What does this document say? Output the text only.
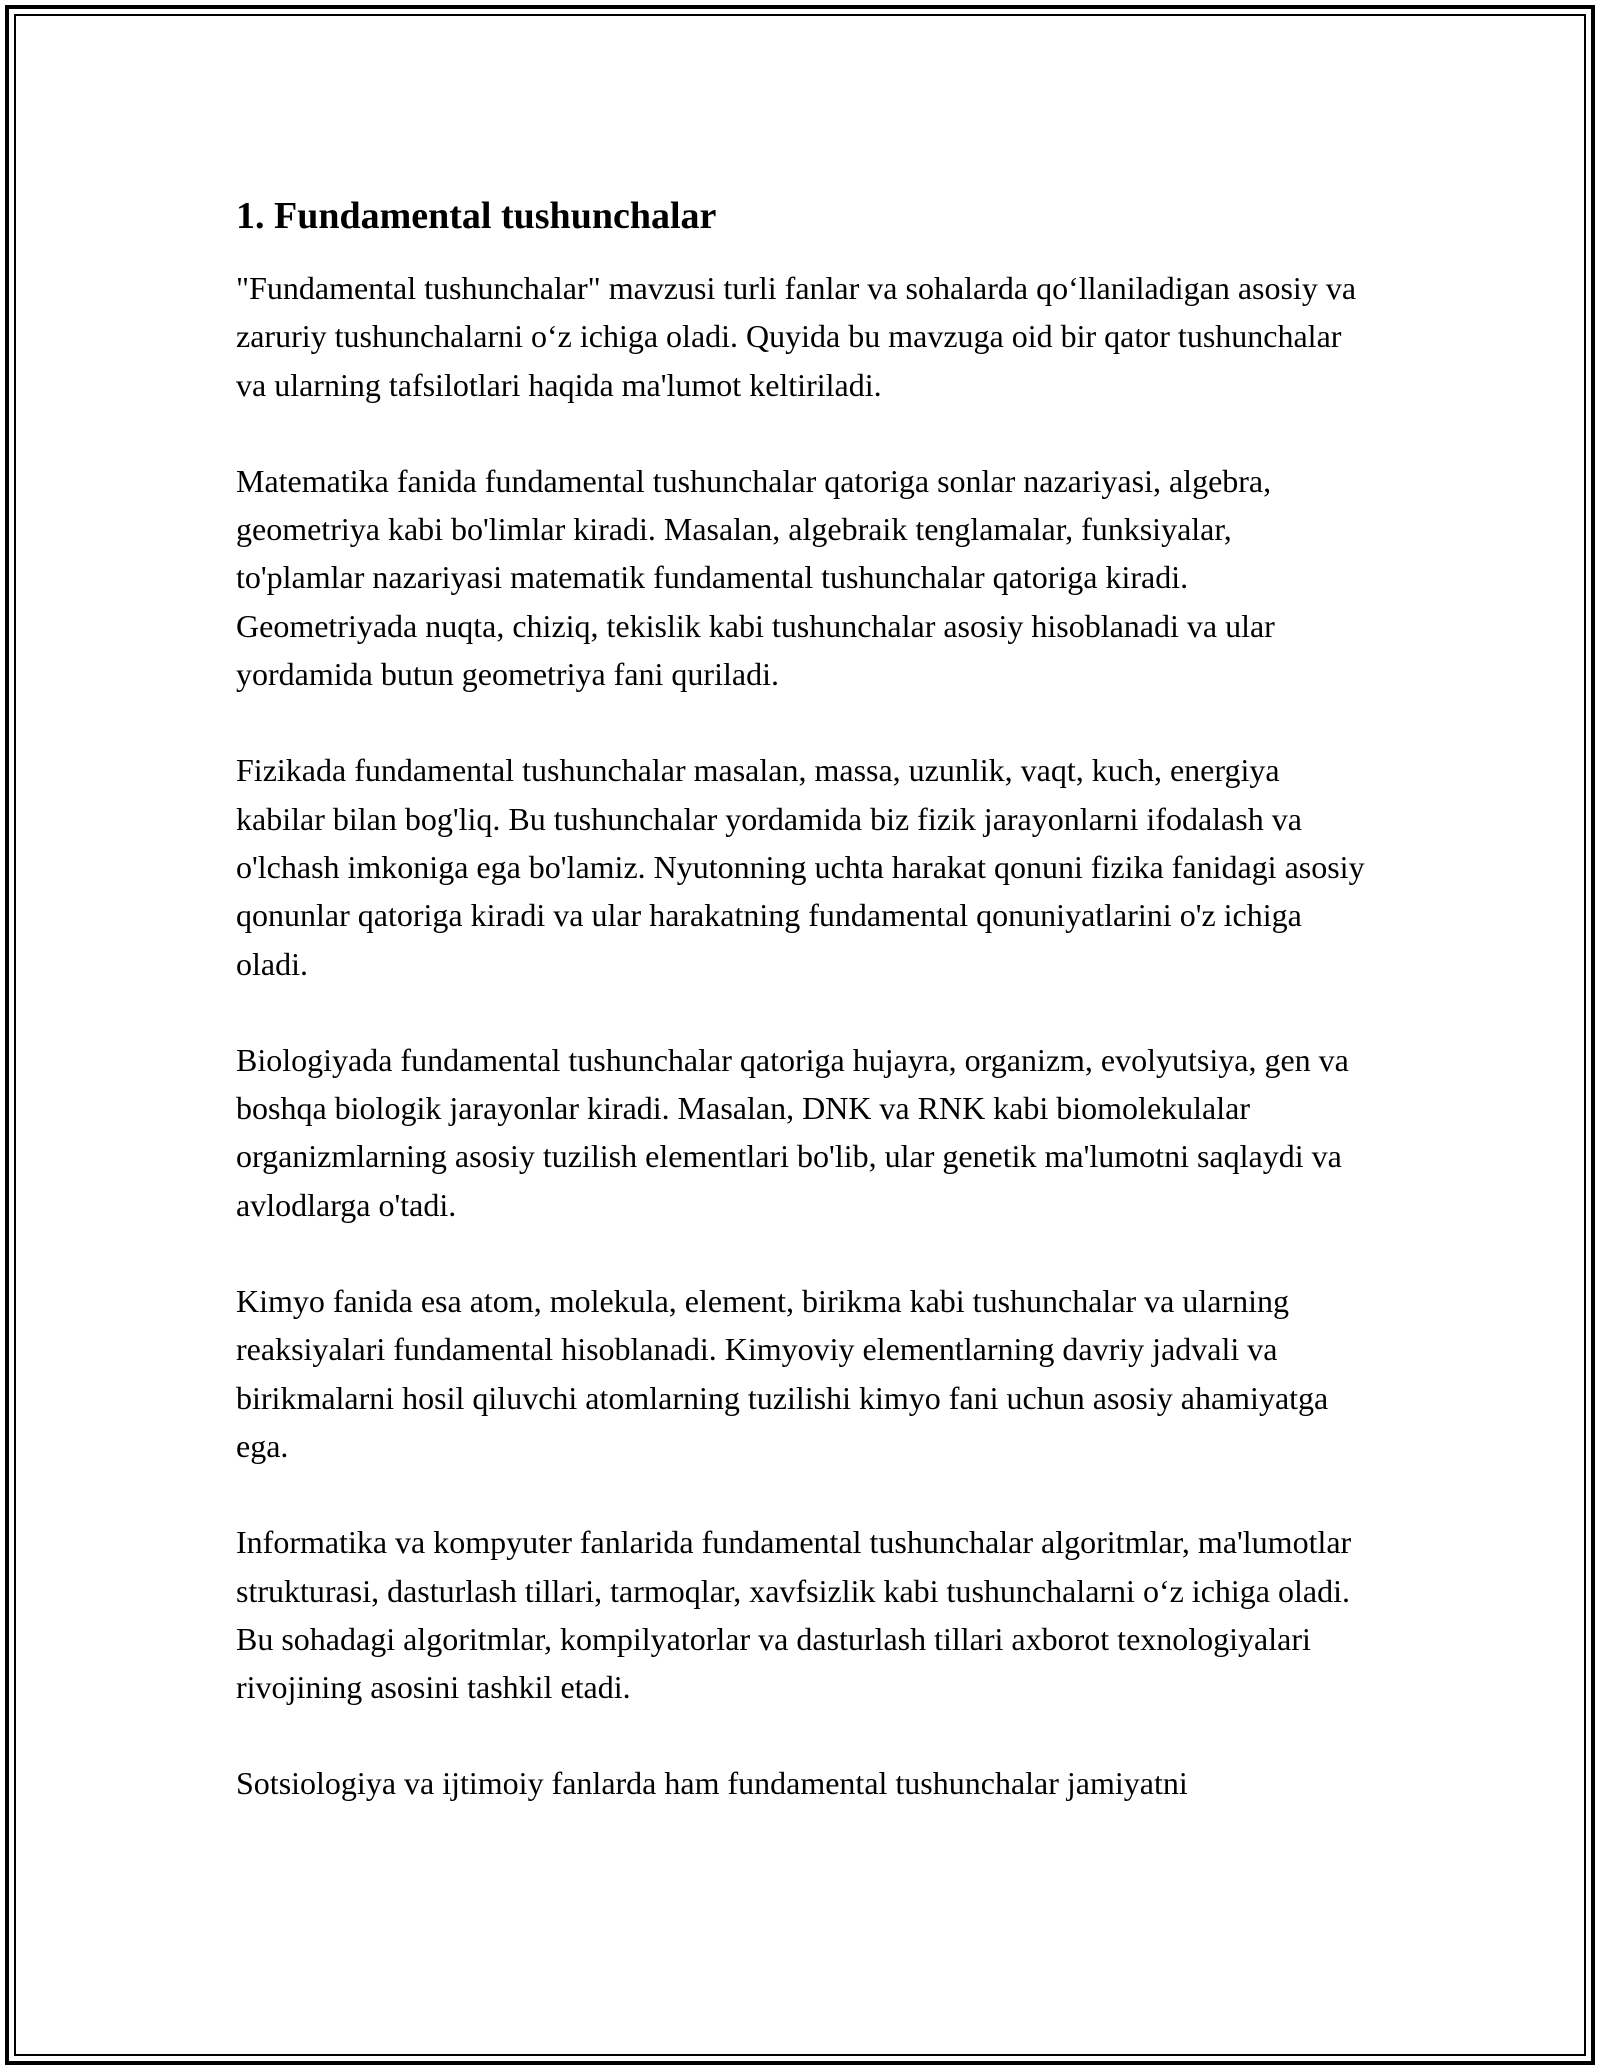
1. Fundamental tushunchalar

"Fundamental tushunchalar" mavzusi turli fanlar va sohalarda qo‘llaniladigan asosiy va zaruriy tushunchalarni o‘z ichiga oladi. Quyida bu mavzuga oid bir qator tushunchalar va ularning tafsilotlari haqida ma'lumot keltiriladi.

Matematika fanida fundamental tushunchalar qatoriga sonlar nazariyasi, algebra, geometriya kabi bo'limlar kiradi. Masalan, algebraik tenglamalar, funksiyalar, to'plamlar nazariyasi matematik fundamental tushunchalar qatoriga kiradi. Geometriyada nuqta, chiziq, tekislik kabi tushunchalar asosiy hisoblanadi va ular yordamida butun geometriya fani quriladi.

Fizikada fundamental tushunchalar masalan, massa, uzunlik, vaqt, kuch, energiya kabilar bilan bog'liq. Bu tushunchalar yordamida biz fizik jarayonlarni ifodalash va o'lchash imkoniga ega bo'lamiz. Nyutonning uchta harakat qonuni fizika fanidagi asosiy qonunlar qatoriga kiradi va ular harakatning fundamental qonuniyatlarini o'z ichiga oladi.

Biologiyada fundamental tushunchalar qatoriga hujayra, organizm, evolyutsiya, gen va boshqa biologik jarayonlar kiradi. Masalan, DNK va RNK kabi biomolekulalar organizmlarning asosiy tuzilish elementlari bo'lib, ular genetik ma'lumotni saqlaydi va avlodlarga o'tadi.

Kimyo fanida esa atom, molekula, element, birikma kabi tushunchalar va ularning reaksiyalari fundamental hisoblanadi. Kimyoviy elementlarning davriy jadvali va birikmalarni hosil qiluvchi atomlarning tuzilishi kimyo fani uchun asosiy ahamiyatga ega.

Informatika va kompyuter fanlarida fundamental tushunchalar algoritmlar, ma'lumotlar strukturasi, dasturlash tillari, tarmoqlar, xavfsizlik kabi tushunchalarni o‘z ichiga oladi. Bu sohadagi algoritmlar, kompilyatorlar va dasturlash tillari axborot texnologiyalari rivojining asosini tashkil etadi.

Sotsiologiya va ijtimoiy fanlarda ham fundamental tushunchalar jamiyatni
